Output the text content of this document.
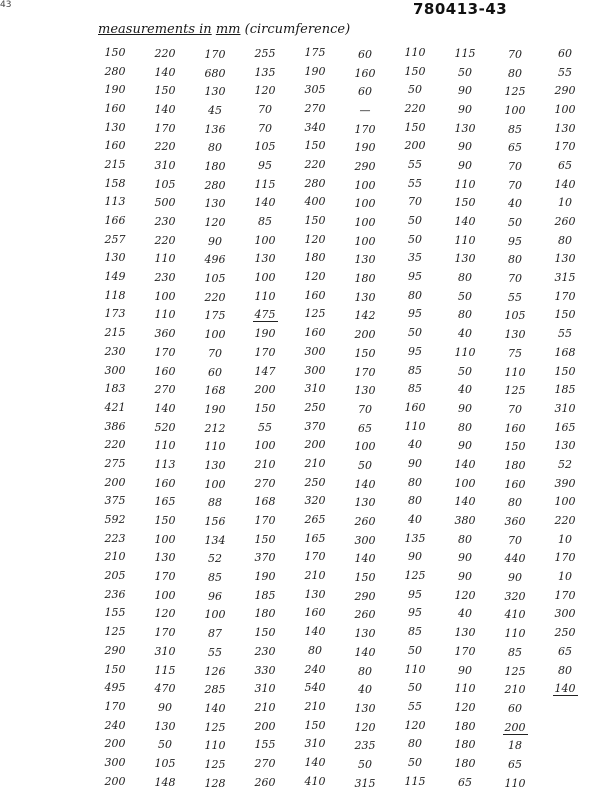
43	780413-43
measurements in mm (circumference)
150	220	170	255	175	60	110	115	70	60
280	140	680	135	190	160	150	50	80	55
190	150	130	120	305	60	50	90	125	290
160	140	45	70	270	—	220	90	100	100
130	170	136	70	340	170	150	130	85	130
160	220	80	105	150	190	200	90	65	170
215	310	180	95	220	290	55	90	70	65
158	105	280	115	280	100	55	110	70	140
113	500	130	140	400	100	70	150	40	10
166	230	120	85	150	100	50	140	50	260
257	220	90	100	120	100	50	110	95	80
130	110	496	130	180	130	35	130	80	130
149	230	105	100	120	180	95	80	70	315
118	100	220	110	160	130	80	50	55	170
173	110	175	475	125	142	95	80	105	150
215	360	100	190	160	200	50	40	130	55
230	170	70	170	300	150	95	110	75	168
300	160	60	147	300	170	85	50	110	150
183	270	168	200	310	130	85	40	125	185
421	140	190	150	250	70	160	90	70	310
386	520	212	55	370	65	110	80	160	165
220	110	110	100	200	100	40	90	150	130
275	113	130	210	210	50	90	140	180	52
200	160	100	270	250	140	80	100	160	390
375	165	88	168	320	130	80	140	80	100
592	150	156	170	265	260	40	380	360	220
223	100	134	150	165	300	135	80	70	10
210	130	52	370	170	140	90	90	440	170
205	170	85	190	210	150	125	90	90	10
236	100	96	185	130	290	95	120	320	170
155	120	100	180	160	260	95	40	410	300
125	170	87	150	140	130	85	130	110	250
290	310	55	230	80	140	50	170	85	65
150	115	126	330	240	80	110	90	125	80
495	470	285	310	540	40	50	110	210	140
170	90	140	210	210	130	55	120	60
240	130	125	200	150	120	120	180	200
200	50	110	155	310	235	80	180	18
300	105	125	270	140	50	50	180	65
200	148	128	260	410	315	115	65	110
